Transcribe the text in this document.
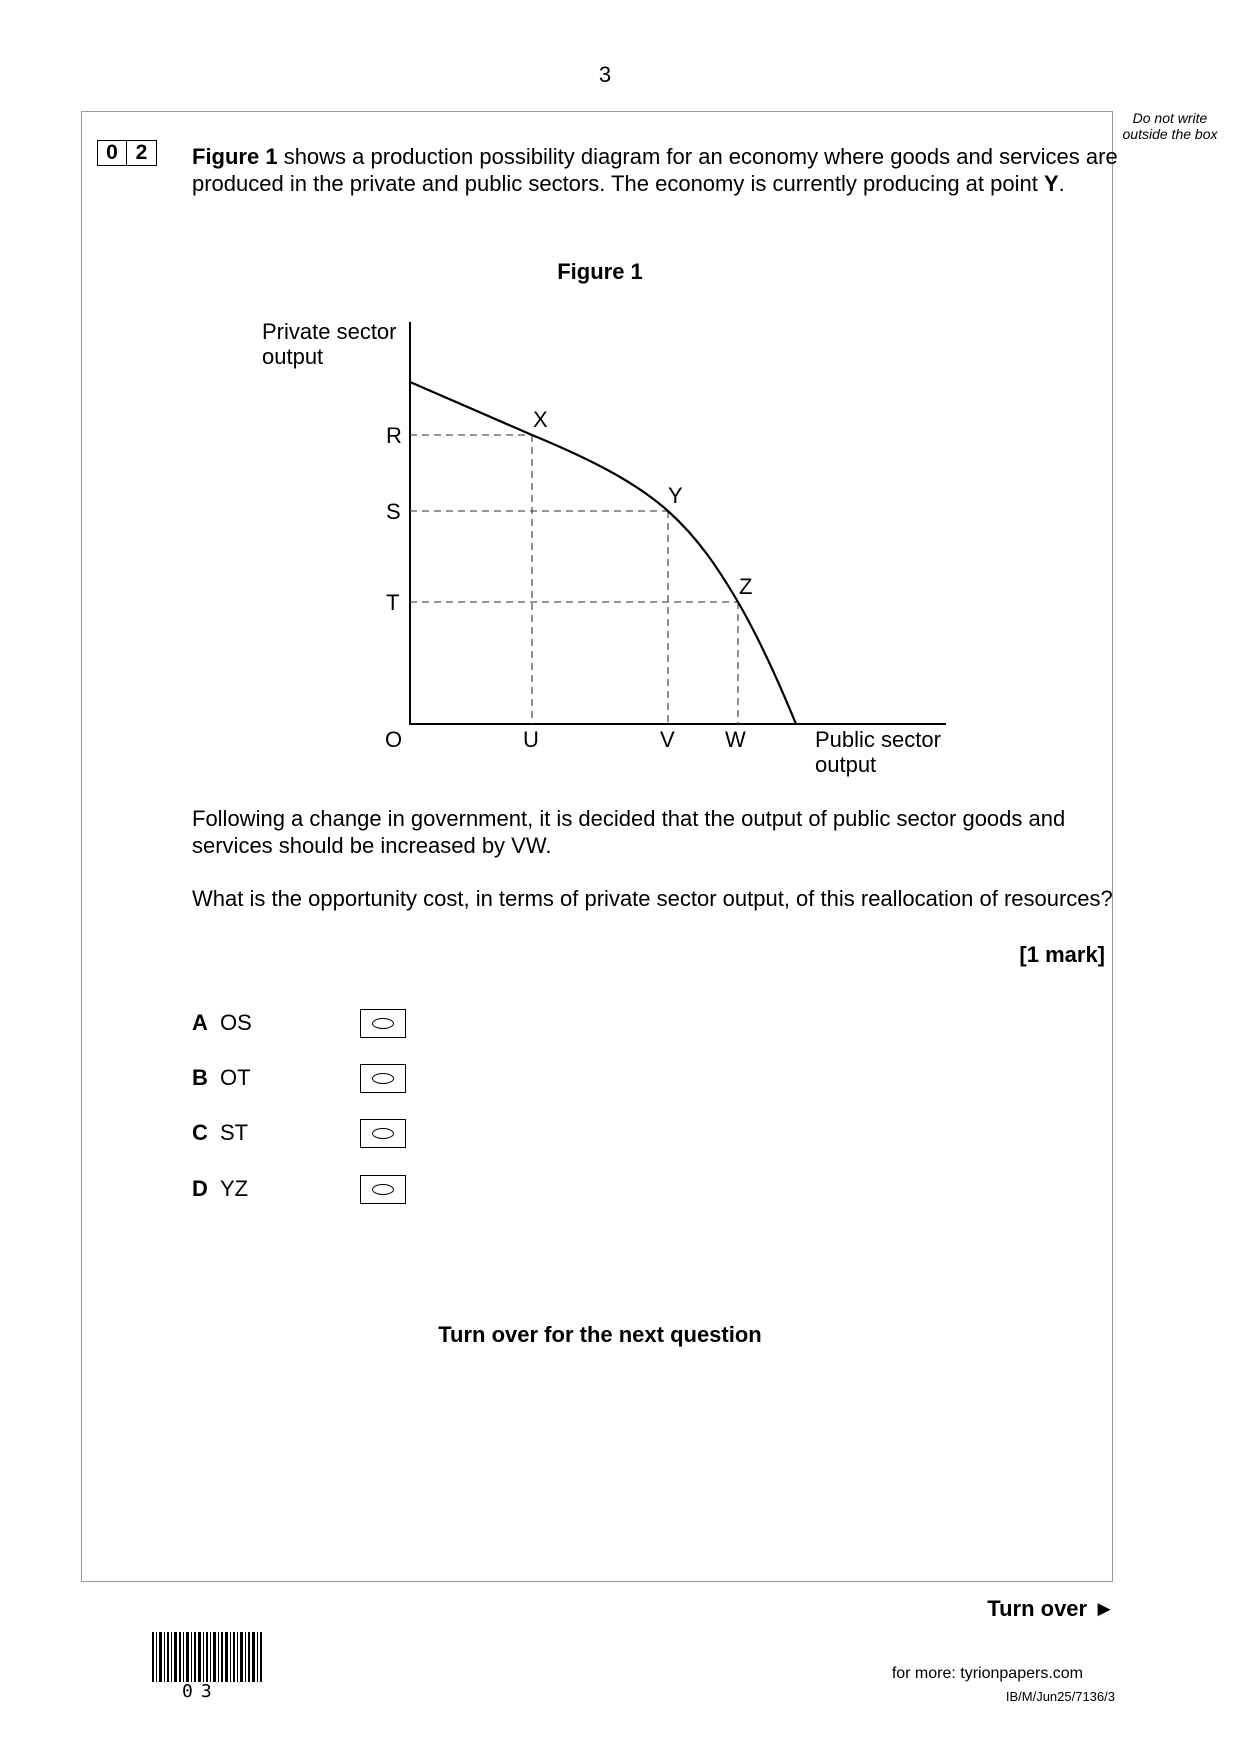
3
Do not write outside the box
0 2	Figure 1 shows a production possibility diagram for an economy where goods and services are produced in the private and public sectors. The economy is currently producing at point Y.
Figure 1
Private sector
output
Public sector
output
O
R
S
T
U	V W
X
Y
Z
Following a change in government, it is decided that the output of public sector goods and services should be increased by VW.
What is the opportunity cost, in terms of private sector output, of this reallocation of resources?
[1 mark]
A OS
B OT
C ST
D YZ
Turn over for the next question
Turn over ►
03
for more: tyrionpapers.com
IB/M/Jun25/7136/3
